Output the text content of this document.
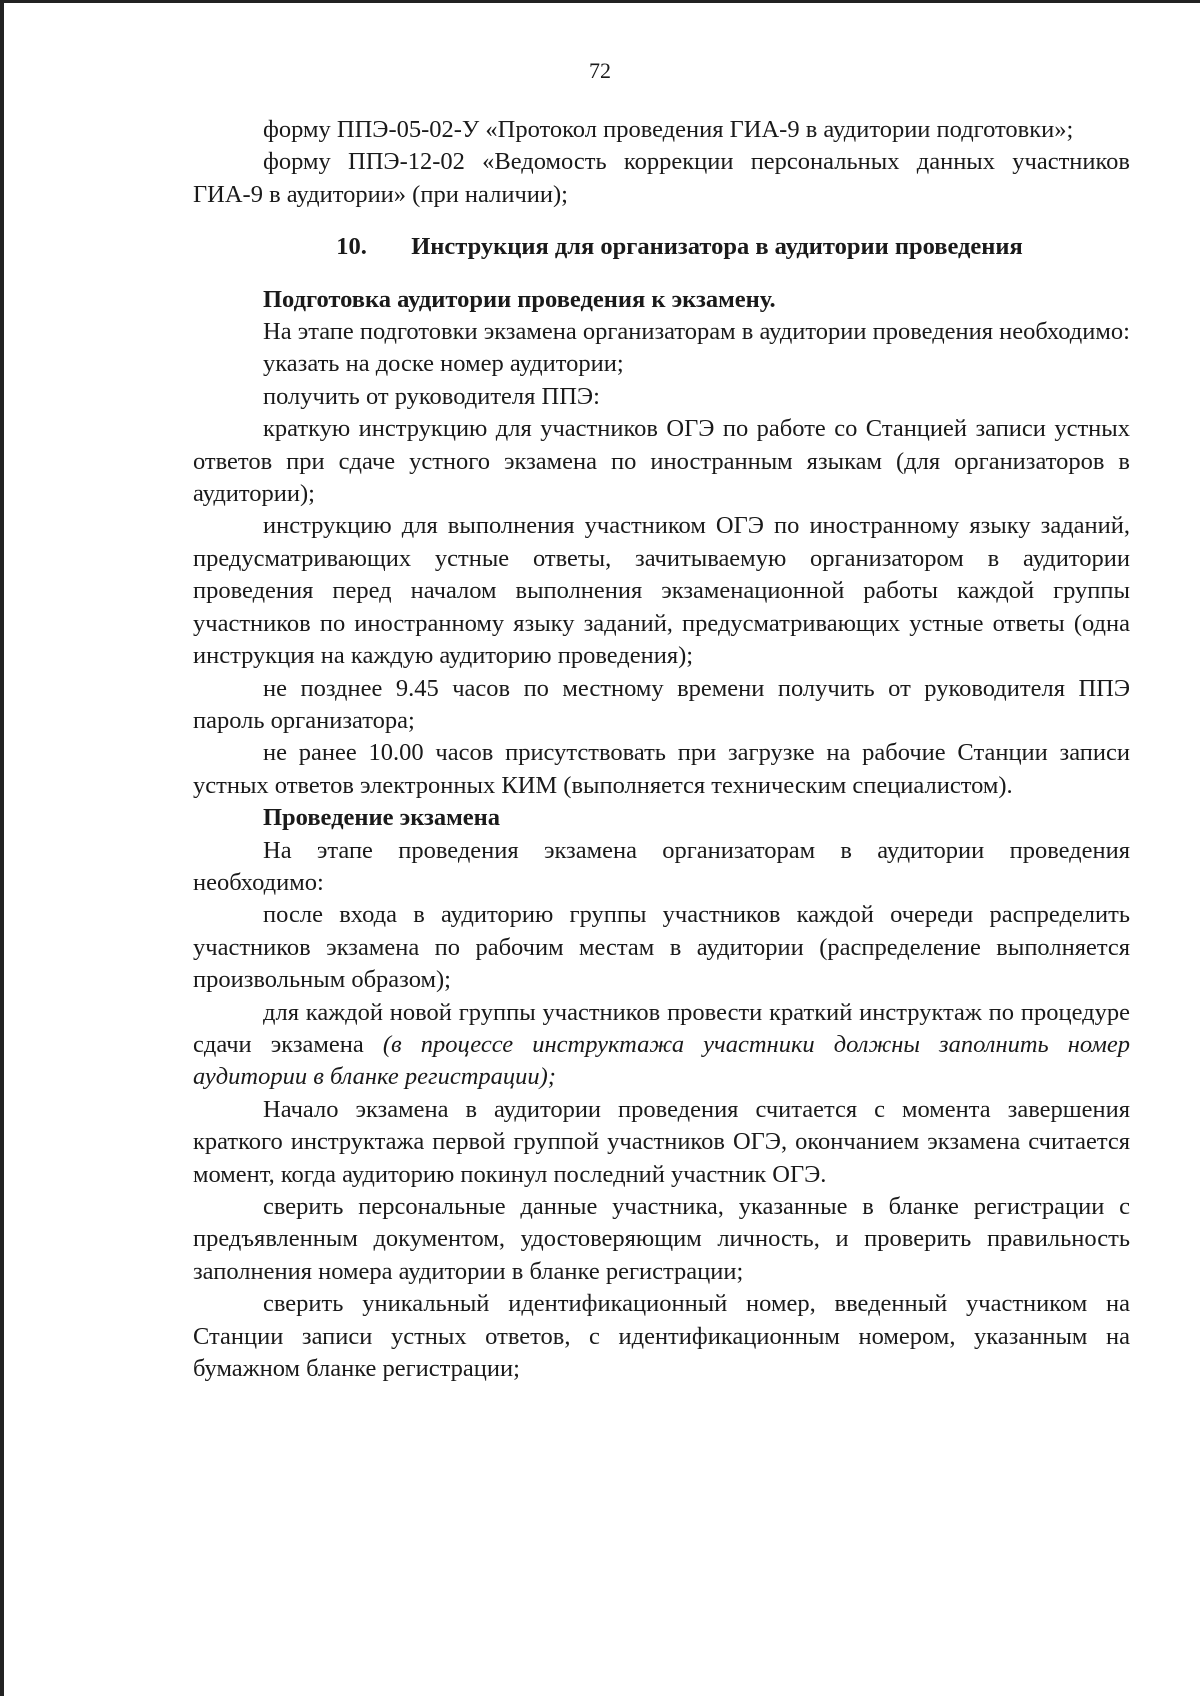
72

форму ППЭ-05-02-У «Протокол проведения ГИА-9 в аудитории подготовки»;

форму ППЭ-12-02 «Ведомость коррекции персональных данных участников ГИА-9 в аудитории» (при наличии);

10. Инструкция для организатора в аудитории проведения

Подготовка аудитории проведения к экзамену.

На этапе подготовки экзамена организаторам в аудитории проведения необходимо:

указать на доске номер аудитории;

получить от руководителя ППЭ:

краткую инструкцию для участников ОГЭ по работе со Станцией записи устных ответов при сдаче устного экзамена по иностранным языкам (для организаторов в аудитории);

инструкцию для выполнения участником ОГЭ по иностранному языку заданий, предусматривающих устные ответы, зачитываемую организатором в аудитории проведения перед началом выполнения экзаменационной работы каждой группы участников по иностранному языку заданий, предусматривающих устные ответы (одна инструкция на каждую аудиторию проведения);

не позднее 9.45 часов по местному времени получить от руководителя ППЭ пароль организатора;

не ранее 10.00 часов присутствовать при загрузке на рабочие Станции записи устных ответов электронных КИМ (выполняется техническим специалистом).

Проведение экзамена

На этапе проведения экзамена организаторам в аудитории проведения необходимо:

после входа в аудиторию группы участников каждой очереди распределить участников экзамена по рабочим местам в аудитории (распределение выполняется произвольным образом);

для каждой новой группы участников провести краткий инструктаж по процедуре сдачи экзамена (в процессе инструктажа участники должны заполнить номер аудитории в бланке регистрации);

Начало экзамена в аудитории проведения считается с момента завершения краткого инструктажа первой группой участников ОГЭ, окончанием экзамена считается момент, когда аудиторию покинул последний участник ОГЭ.

сверить персональные данные участника, указанные в бланке регистрации с предъявленным документом, удостоверяющим личность, и проверить правильность заполнения номера аудитории в бланке регистрации;

сверить уникальный идентификационный номер, введенный участником на Станции записи устных ответов, с идентификационным номером, указанным на бумажном бланке регистрации;
